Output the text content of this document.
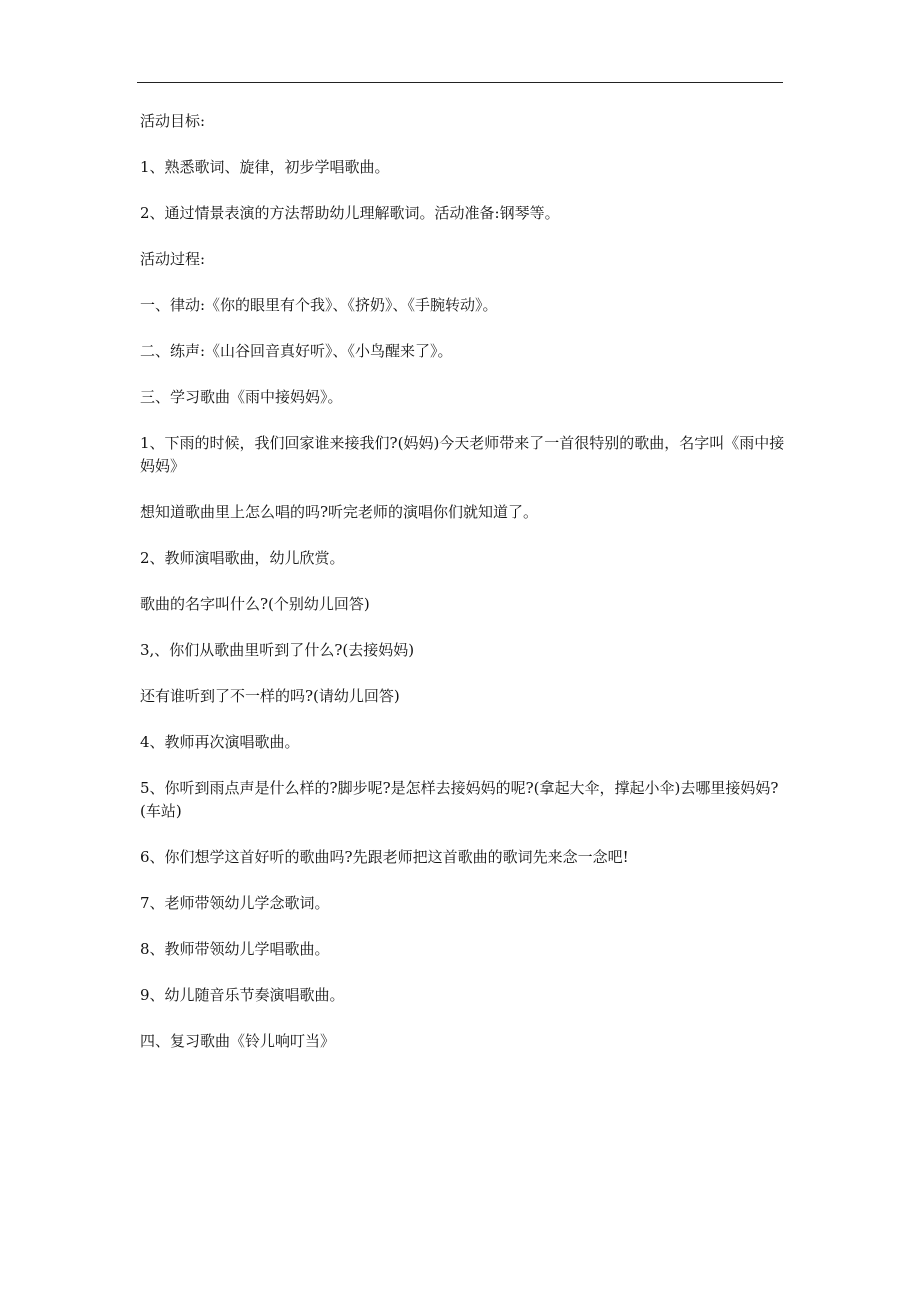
活动目标:

1、熟悉歌词、旋律，初步学唱歌曲。

2、通过情景表演的方法帮助幼儿理解歌词。活动准备:钢琴等。

活动过程:

一、律动:《你的眼里有个我》、《挤奶》、《手腕转动》。

二、练声:《山谷回音真好听》、《小鸟醒来了》。

三、学习歌曲《雨中接妈妈》。

1、下雨的时候，我们回家谁来接我们?(妈妈)今天老师带来了一首很特别的歌曲，名字叫《雨中接妈妈》

想知道歌曲里上怎么唱的吗?听完老师的演唱你们就知道了。

2、教师演唱歌曲，幼儿欣赏。

歌曲的名字叫什么?(个别幼儿回答)

3,、你们从歌曲里听到了什么?(去接妈妈)

还有谁听到了不一样的吗?(请幼儿回答)

4、教师再次演唱歌曲。

5、你听到雨点声是什么样的?脚步呢?是怎样去接妈妈的呢?(拿起大伞，撑起小伞)去哪里接妈妈?(车站)

6、你们想学这首好听的歌曲吗?先跟老师把这首歌曲的歌词先来念一念吧!

7、老师带领幼儿学念歌词。

8、教师带领幼儿学唱歌曲。

9、幼儿随音乐节奏演唱歌曲。

四、复习歌曲《铃儿响叮当》
